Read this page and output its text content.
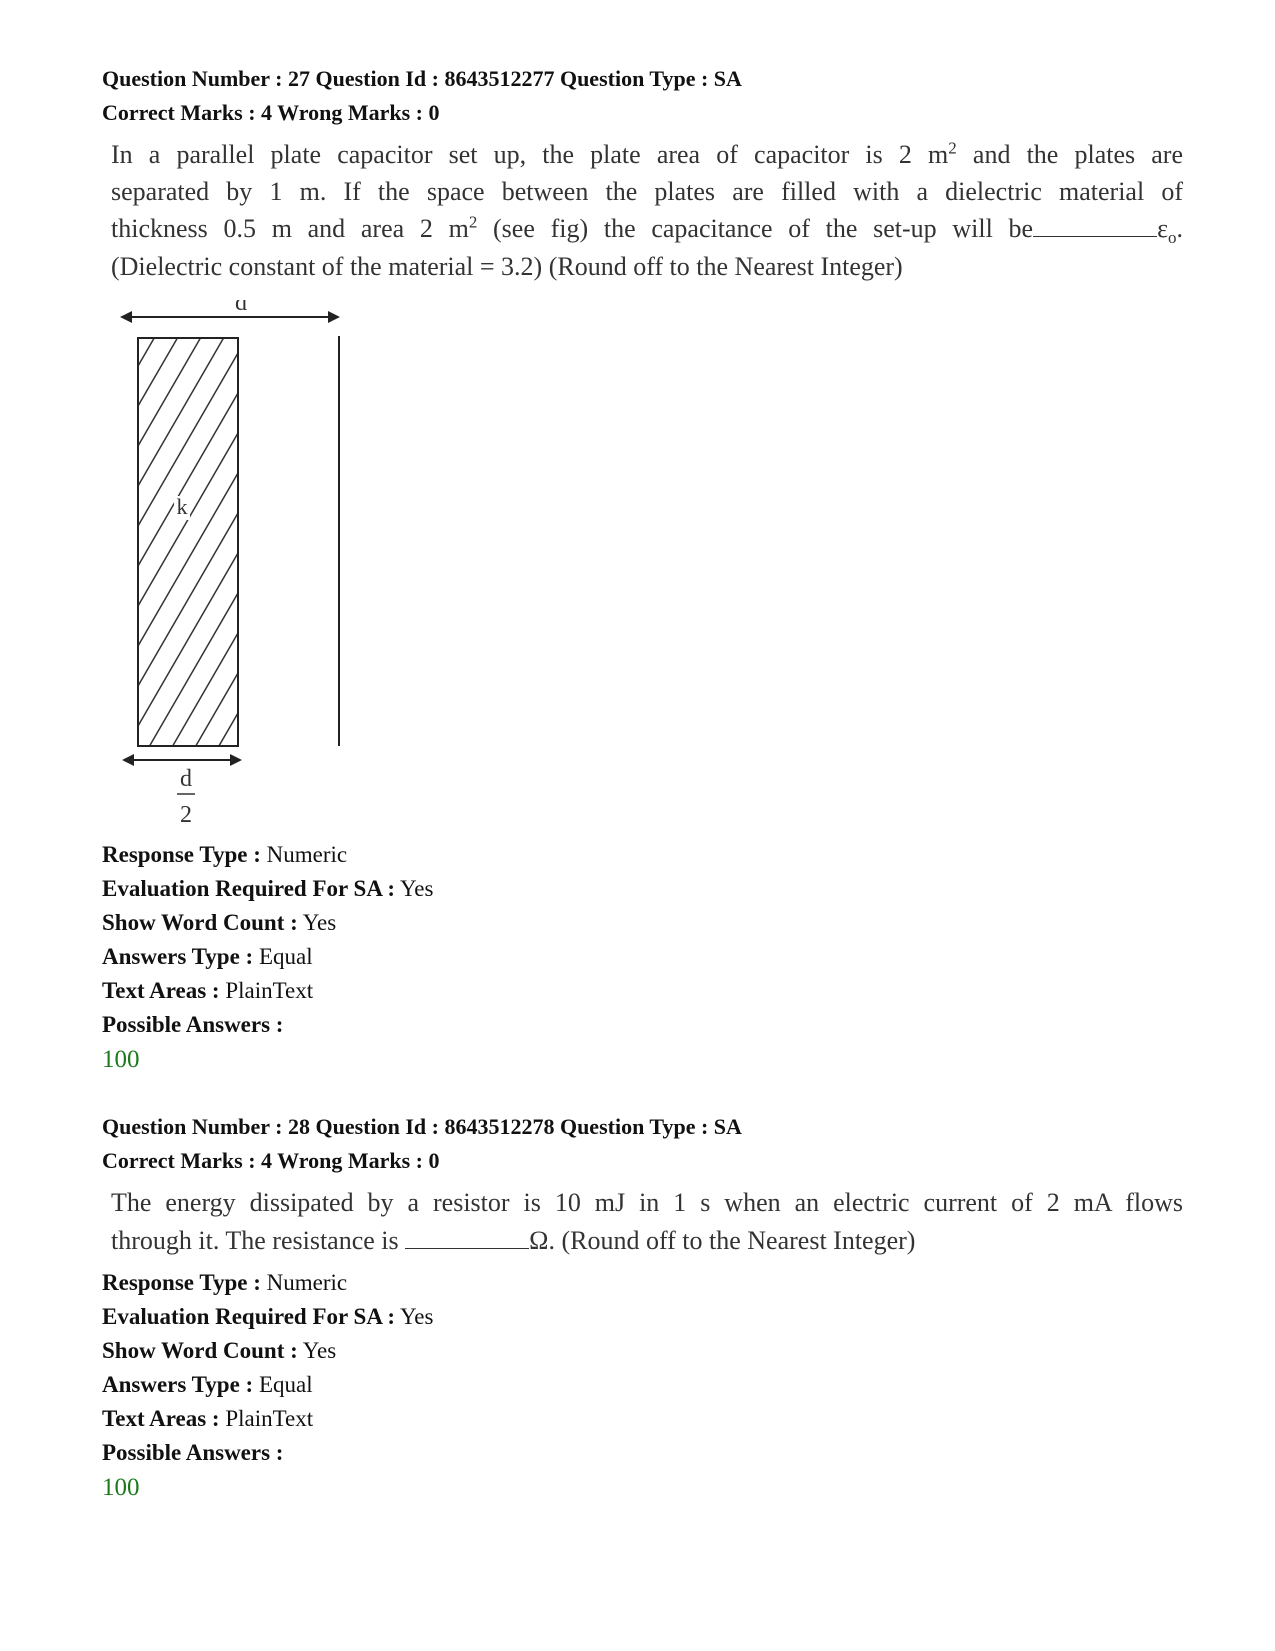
Question Number : 27 Question Id : 8643512277 Question Type : SA
Correct Marks : 4 Wrong Marks : 0
In a parallel plate capacitor set up, the plate area of capacitor is 2 $m^2$ and the plates are
separated by 1 m. If the space between the plates are filled with a dielectric material of
thickness 0.5 m and area 2 $m^2$ (see fig) the capacitance of the set-up will be	$\varepsilon_o$.
(Dielectric constant of the material = 3.2) (Round off to the Nearest Integer)
d
k
d
2
Response Type : Numeric
Evaluation Required For SA : Yes
Show Word Count : Yes
Answers Type : Equal
Text Areas : PlainText
Possible Answers :
100
Question Number : 28 Question Id : 8643512278 Question Type : SA
Correct Marks : 4 Wrong Marks : 0
The energy dissipated by a resistor is 10 mJ in 1 s when an electric current of 2 mA flows
through it. The resistance is	Ω. (Round off to the Nearest Integer)
Response Type : Numeric
Evaluation Required For SA : Yes
Show Word Count : Yes
Answers Type : Equal
Text Areas : PlainText
Possible Answers :
100
